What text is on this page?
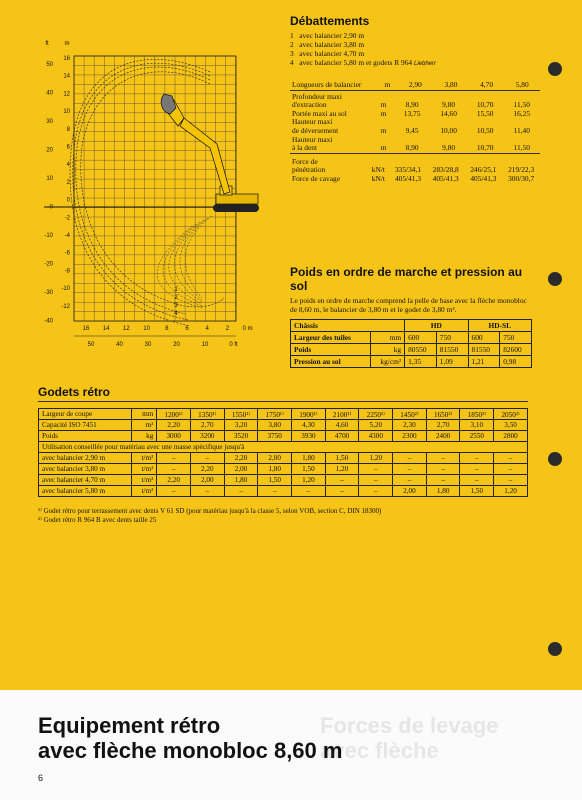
ft	m
50
40
30
20
10
0
-10
-20
-30
-40
16
14
12
10
8
6
4
2
0
-2
-4
-6
-8
-10
-12
16 14 12 10	8	6	4	2 0 m
50	40	30	20	10	0 ft
1
2
3
4
Débattements
1 avec balancier 2,90 m
2 avec balancier 3,80 m
3 avec balancier 4,70 m
4 avec balancier 5,80 m et godets R 964 Liebherr
Longueurs de balancier	m	2,90	3,80	4,70	5,80
Profondeur maxi					
d'extraction	m	8,90	9,80	10,70	11,50
Portée maxi au sol	m	13,75	14,60	15,50	16,25
Hauteur maxi					
de déversement	m	9,45	10,00	10,50	11,40
Hauteur maxi					
à la dent	m	8,90	9,80	10,70	11,50
Force de					
pénétration	kN/t	335/34,1	283/28,8	246/25,1	219/22,3
Force de cavage	kN/t	405/41,3	405/41,3	405/41,3	300/30,7
Poids en ordre de marche et pression au sol
Le poids en ordre de marche comprend la pelle de base avec la flèche monobloc de 8,60 m, le balancier de 3,80 m et le godet de 3,80 m³.
Châssis		HD		HD-SL	
Largeur des tuiles	mm	600	750	600	750
Poids	kg	80550	81550	81550	82600
Pression au sol	kg/cm²	1,35	1,09	1,21	0,98
Godets rétro
Largeur de coupe	mm	1200¹⁾	1350¹⁾	1550¹⁾	1750¹⁾	1900¹⁾	2100¹⁾	2250¹⁾	1450²⁾	1650²⁾	1850²⁾	2050²⁾
Capacité ISO 7451	m³	2,20	2,70	3,20	3,80	4,30	4,60	5,20	2,30	2,70	3,10	3,50
Poids	kg	3000	3200	3520	3750	3930	4700	4300	2300	2400	2550	2800
Utilisation conseillée pour matériau avec une masse spécifique jusqu'à												
avec balancier 2,90 m	t/m³	–	–	2,20	2,00	1,80	1,50	1,20	–	–	–	–
avec balancier 3,80 m	t/m³	–	2,20	2,00	1,80	1,50	1,20	–	–	–	–	–
avec balancier 4,70 m	t/m³	2,20	2,00	1,80	1,50	1,20	–	–	–	–	–	–
avec balancier 5,80 m	t/m³	–	–	–	–	–	–	–	2,00	1,80	1,50	1,20
¹⁾ Godet rétro pour terrassement avec dents V 61 SD (pour matériau jusqu'à la classe 5, selon VOB, section C, DIN 18300)
²⁾ Godet rétro R 964 B avec dents taille 25
Forces de levage
avec flèche
Equipement rétro
avec flèche monobloc 8,60 m
6
